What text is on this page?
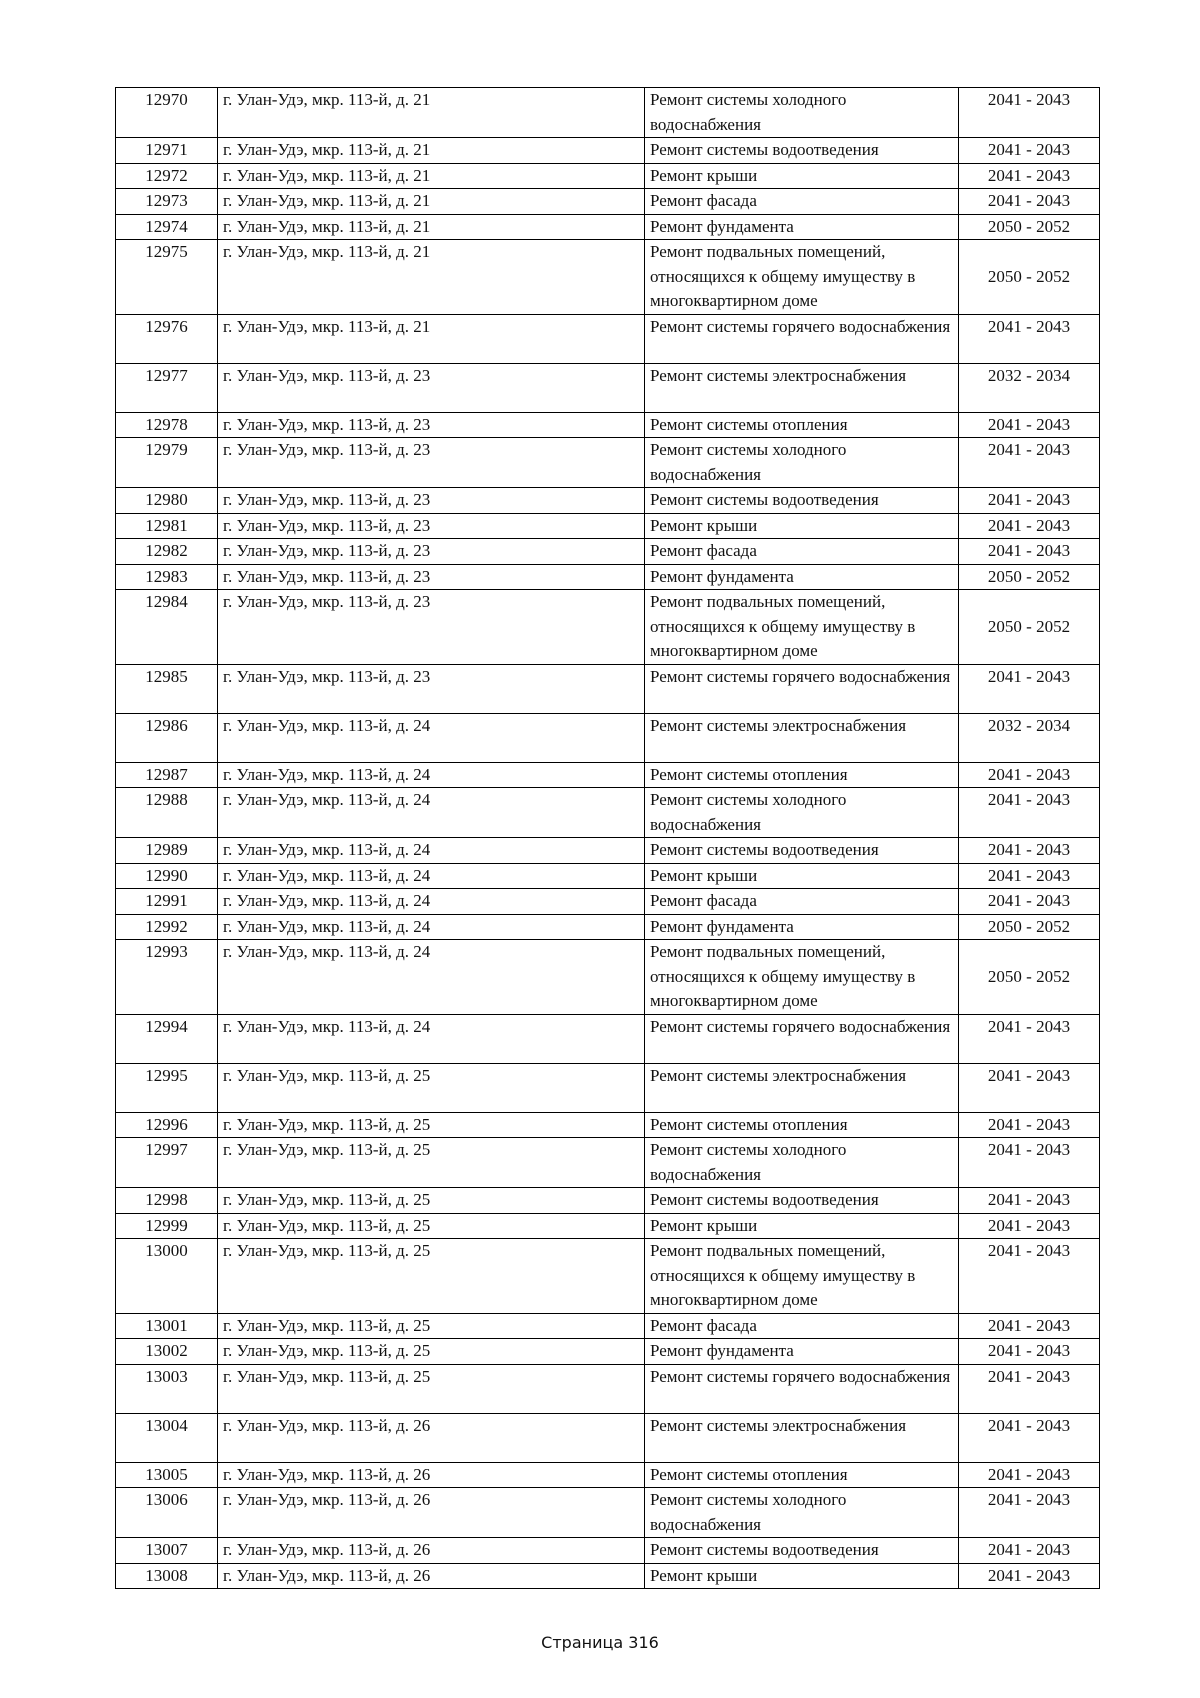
12970	г. Улан-Удэ, мкр. 113-й, д. 21	Ремонт системы холодного водоснабжения	2041 - 2043
12971	г. Улан-Удэ, мкр. 113-й, д. 21	Ремонт системы водоотведения	2041 - 2043
12972	г. Улан-Удэ, мкр. 113-й, д. 21	Ремонт крыши	2041 - 2043
12973	г. Улан-Удэ, мкр. 113-й, д. 21	Ремонт фасада	2041 - 2043
12974	г. Улан-Удэ, мкр. 113-й, д. 21	Ремонт фундамента	2050 - 2052
12975	г. Улан-Удэ, мкр. 113-й, д. 21	Ремонт подвальных помещений, относящихся к общему имуществу в многоквартирном доме	2050 - 2052
12976	г. Улан-Удэ, мкр. 113-й, д. 21	Ремонт системы горячего водоснабжения	2041 - 2043
12977	г. Улан-Удэ, мкр. 113-й, д. 23	Ремонт системы электроснабжения	2032 - 2034
12978	г. Улан-Удэ, мкр. 113-й, д. 23	Ремонт системы отопления	2041 - 2043
12979	г. Улан-Удэ, мкр. 113-й, д. 23	Ремонт системы холодного водоснабжения	2041 - 2043
12980	г. Улан-Удэ, мкр. 113-й, д. 23	Ремонт системы водоотведения	2041 - 2043
12981	г. Улан-Удэ, мкр. 113-й, д. 23	Ремонт крыши	2041 - 2043
12982	г. Улан-Удэ, мкр. 113-й, д. 23	Ремонт фасада	2041 - 2043
12983	г. Улан-Удэ, мкр. 113-й, д. 23	Ремонт фундамента	2050 - 2052
12984	г. Улан-Удэ, мкр. 113-й, д. 23	Ремонт подвальных помещений, относящихся к общему имуществу в многоквартирном доме	2050 - 2052
12985	г. Улан-Удэ, мкр. 113-й, д. 23	Ремонт системы горячего водоснабжения	2041 - 2043
12986	г. Улан-Удэ, мкр. 113-й, д. 24	Ремонт системы электроснабжения	2032 - 2034
12987	г. Улан-Удэ, мкр. 113-й, д. 24	Ремонт системы отопления	2041 - 2043
12988	г. Улан-Удэ, мкр. 113-й, д. 24	Ремонт системы холодного водоснабжения	2041 - 2043
12989	г. Улан-Удэ, мкр. 113-й, д. 24	Ремонт системы водоотведения	2041 - 2043
12990	г. Улан-Удэ, мкр. 113-й, д. 24	Ремонт крыши	2041 - 2043
12991	г. Улан-Удэ, мкр. 113-й, д. 24	Ремонт фасада	2041 - 2043
12992	г. Улан-Удэ, мкр. 113-й, д. 24	Ремонт фундамента	2050 - 2052
12993	г. Улан-Удэ, мкр. 113-й, д. 24	Ремонт подвальных помещений, относящихся к общему имуществу в многоквартирном доме	2050 - 2052
12994	г. Улан-Удэ, мкр. 113-й, д. 24	Ремонт системы горячего водоснабжения	2041 - 2043
12995	г. Улан-Удэ, мкр. 113-й, д. 25	Ремонт системы электроснабжения	2041 - 2043
12996	г. Улан-Удэ, мкр. 113-й, д. 25	Ремонт системы отопления	2041 - 2043
12997	г. Улан-Удэ, мкр. 113-й, д. 25	Ремонт системы холодного водоснабжения	2041 - 2043
12998	г. Улан-Удэ, мкр. 113-й, д. 25	Ремонт системы водоотведения	2041 - 2043
12999	г. Улан-Удэ, мкр. 113-й, д. 25	Ремонт крыши	2041 - 2043
13000	г. Улан-Удэ, мкр. 113-й, д. 25	Ремонт подвальных помещений, относящихся к общему имуществу в многоквартирном доме	2041 - 2043
13001	г. Улан-Удэ, мкр. 113-й, д. 25	Ремонт фасада	2041 - 2043
13002	г. Улан-Удэ, мкр. 113-й, д. 25	Ремонт фундамента	2041 - 2043
13003	г. Улан-Удэ, мкр. 113-й, д. 25	Ремонт системы горячего водоснабжения	2041 - 2043
13004	г. Улан-Удэ, мкр. 113-й, д. 26	Ремонт системы электроснабжения	2041 - 2043
13005	г. Улан-Удэ, мкр. 113-й, д. 26	Ремонт системы отопления	2041 - 2043
13006	г. Улан-Удэ, мкр. 113-й, д. 26	Ремонт системы холодного водоснабжения	2041 - 2043
13007	г. Улан-Удэ, мкр. 113-й, д. 26	Ремонт системы водоотведения	2041 - 2043
13008	г. Улан-Удэ, мкр. 113-й, д. 26	Ремонт крыши	2041 - 2043
Страница 316
